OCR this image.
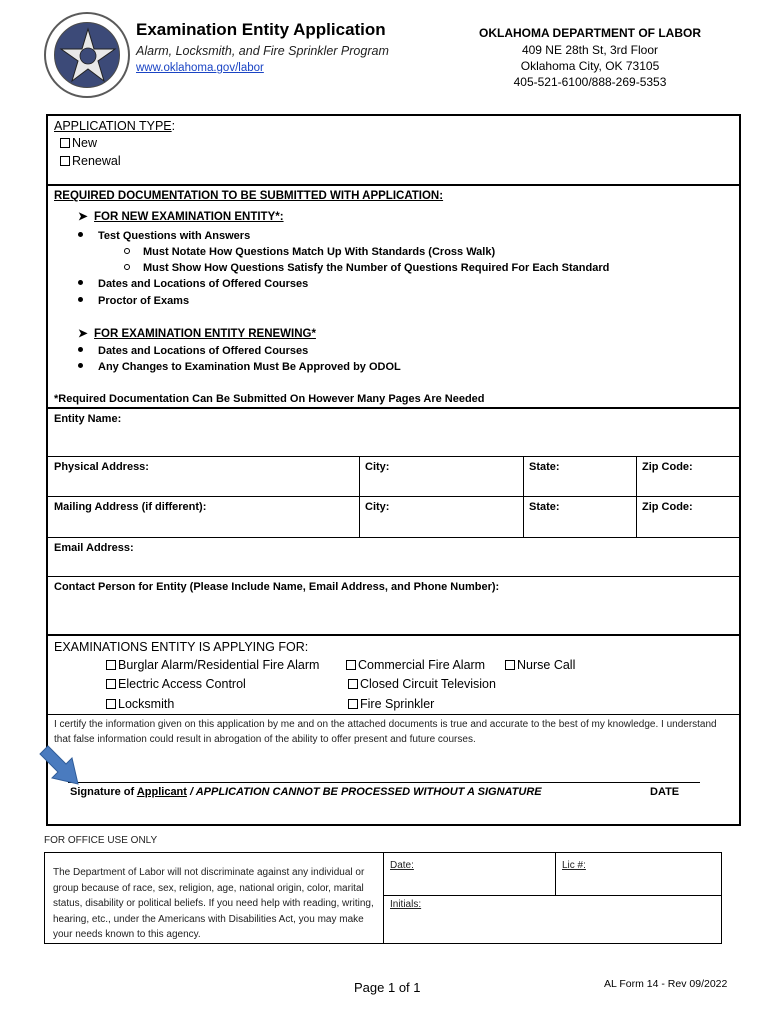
Examination Entity Application
Alarm, Locksmith, and Fire Sprinkler Program
www.oklahoma.gov/labor
OKLAHOMA DEPARTMENT OF LABOR
409 NE 28th St, 3rd Floor
Oklahoma City, OK 73105
405-521-6100/888-269-5353
APPLICATION TYPE:
New
Renewal
REQUIRED DOCUMENTATION TO BE SUBMITTED WITH APPLICATION:
➤ FOR NEW EXAMINATION ENTITY*:
Test Questions with Answers
Must Notate How Questions Match Up With Standards (Cross Walk)
Must Show How Questions Satisfy the Number of Questions Required For Each Standard
Dates and Locations of Offered Courses
Proctor of Exams
➤ FOR EXAMINATION ENTITY RENEWING*
Dates and Locations of Offered Courses
Any Changes to Examination Must Be Approved by ODOL
*Required Documentation Can Be Submitted On However Many Pages Are Needed
Entity Name:
Physical Address:	City:	State:	Zip Code:
Mailing Address (if different):	City:	State:	Zip Code:
Email Address:
Contact Person for Entity (Please Include Name, Email Address, and Phone Number):
EXAMINATIONS ENTITY IS APPLYING FOR:
Burglar Alarm/Residential Fire Alarm
Electric Access Control
Locksmith
Commercial Fire Alarm
Closed Circuit Television
Fire Sprinkler
Nurse Call
I certify the information given on this application by me and on the attached documents is true and accurate to the best of my knowledge. I understand that false information could result in abrogation of the ability to offer present and future courses.
Signature of Applicant / APPLICATION CANNOT BE PROCESSED WITHOUT A SIGNATURE	DATE
FOR OFFICE USE ONLY
The Department of Labor will not discriminate against any individual or group because of race, sex, religion, age, national origin, color, marital status, disability or political beliefs. If you need help with reading, writing, hearing, etc., under the Americans with Disabilities Act, you may make your needs known to this agency.
Date:	Lic #:
Initials:
Page 1 of 1	AL Form 14 - Rev 09/2022
